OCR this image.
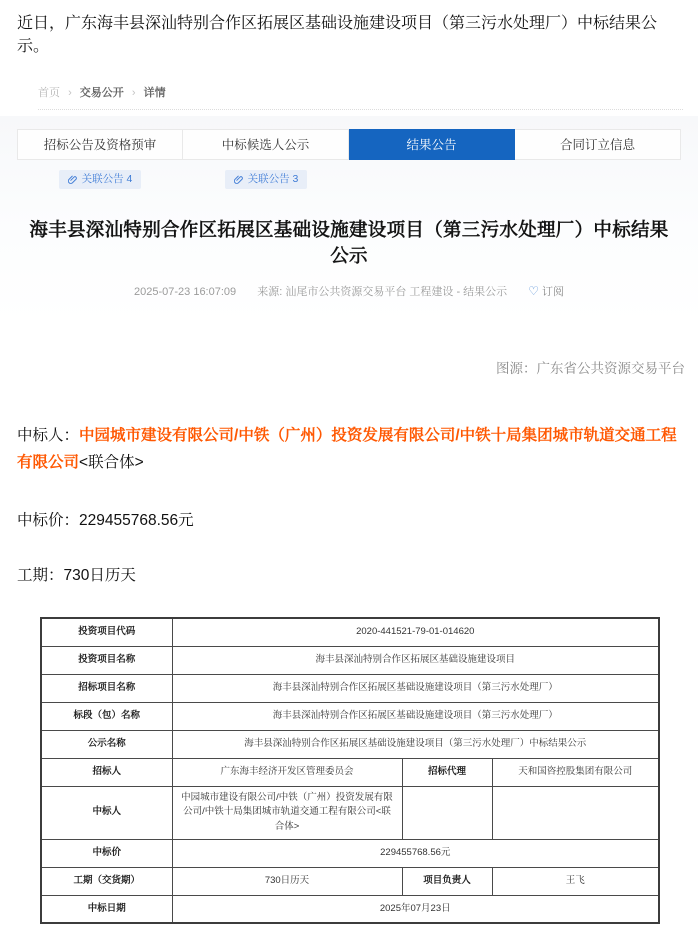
近日，广东海丰县深汕特别合作区拓展区基础设施建设项目（第三污水处理厂）中标结果公示。
首页 › 交易公开 › 详情
招标公告及资格预审	中标候选人公示	结果公告	合同订立信息
关联公告 4	关联公告 3
海丰县深汕特别合作区拓展区基础设施建设项目（第三污水处理厂）中标结果公示
2025-07-23 16:07:09 来源: 汕尾市公共资源交易平台 工程建设 - 结果公示 ♡ 订阅
图源：广东省公共资源交易平台
中标人：中园城市建设有限公司/中铁（广州）投资发展有限公司/中铁十局集团城市轨道交通工程有限公司<联合体>
中标价：229455768.56元
工期：730日历天
投资项目代码	2020-441521-79-01-014620		
投资项目名称	海丰县深汕特别合作区拓展区基础设施建设项目		
招标项目名称	海丰县深汕特别合作区拓展区基础设施建设项目（第三污水处理厂）		
标段（包）名称	海丰县深汕特别合作区拓展区基础设施建设项目（第三污水处理厂）		
公示名称	海丰县深汕特别合作区拓展区基础设施建设项目（第三污水处理厂）中标结果公示		
招标人	广东海丰经济开发区管理委员会	招标代理	天和国咨控股集团有限公司
中标人	中园城市建设有限公司/中铁（广州）投资发展有限公司/中铁十局集团城市轨道交通工程有限公司<联合体>		
中标价	229455768.56元		
工期（交货期）	730日历天	项目负责人	王飞
中标日期	2025年07月23日		
